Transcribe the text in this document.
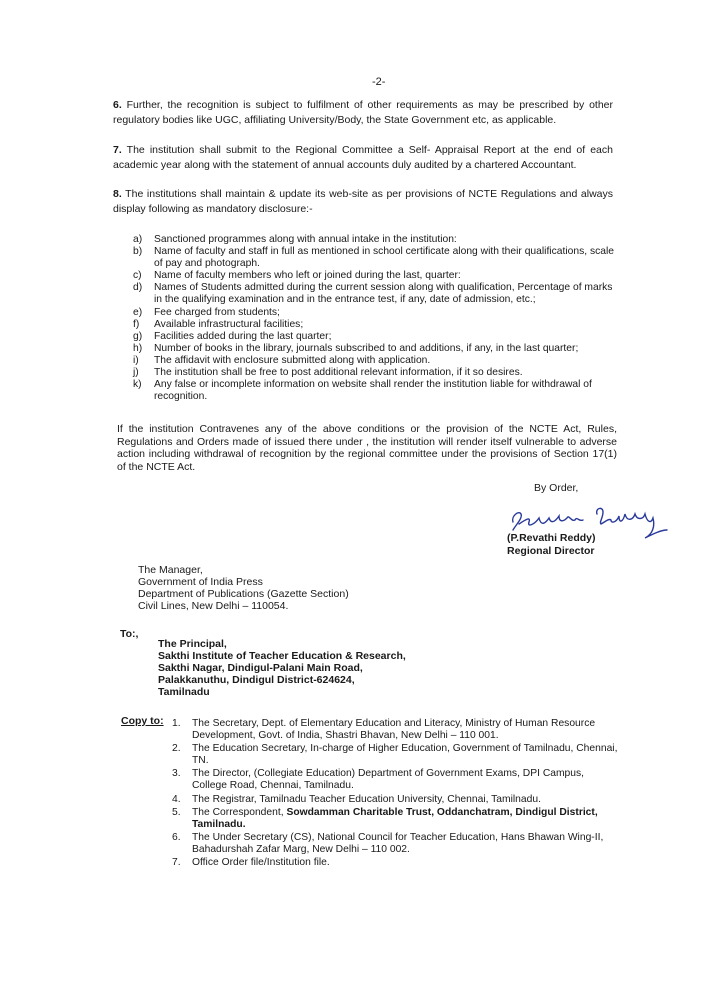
-2-
6. Further, the recognition is subject to fulfilment of other requirements as may be prescribed by other regulatory bodies like UGC, affiliating University/Body, the State Government etc, as applicable.
7. The institution shall submit to the Regional Committee a Self- Appraisal Report at the end of each academic year along with the statement of annual accounts duly audited by a chartered Accountant.
8. The institutions shall maintain & update its web-site as per provisions of NCTE Regulations and always display following as mandatory disclosure:-
a) Sanctioned programmes along with annual intake in the institution:
b) Name of faculty and staff in full as mentioned in school certificate along with their qualifications, scale of pay and photograph.
c) Name of faculty members who left or joined during the last, quarter:
d) Names of Students admitted during the current session along with qualification, Percentage of marks in the qualifying examination and in the entrance test, if any, date of admission, etc.;
e) Fee charged from students;
f) Available infrastructural facilities;
g) Facilities added during the last quarter;
h) Number of books in the library, journals subscribed to and additions, if any, in the last quarter;
i) The affidavit with enclosure submitted along with application.
j) The institution shall be free to post additional relevant information, if it so desires.
k) Any false or incomplete information on website shall render the institution liable for withdrawal of recognition.
If the institution Contravenes any of the above conditions or the provision of the NCTE Act, Rules, Regulations and Orders made of issued there under , the institution will render itself vulnerable to adverse action including withdrawal of recognition by the regional committee under the provisions of Section 17(1) of the NCTE Act.
By Order,
(P.Revathi Reddy)
Regional Director
The Manager,
Government of India Press
Department of Publications (Gazette Section)
Civil Lines, New Delhi – 110054.
To:,
The Principal,
Sakthi Institute of Teacher Education & Research,
Sakthi Nagar, Dindigul-Palani Main Road,
Palakkanuthu, Dindigul District-624624,
Tamilnadu
Copy to: 1. The Secretary, Dept. of Elementary Education and Literacy, Ministry of Human Resource Development, Govt. of India, Shastri Bhavan, New Delhi – 110 001.
2. The Education Secretary, In-charge of Higher Education, Government of Tamilnadu, Chennai, TN.
3. The Director, (Collegiate Education) Department of Government Exams, DPI Campus, College Road, Chennai, Tamilnadu.
4. The Registrar, Tamilnadu Teacher Education University, Chennai, Tamilnadu.
5. The Correspondent, Sowdamman Charitable Trust, Oddanchatram, Dindigul District, Tamilnadu.
6. The Under Secretary (CS), National Council for Teacher Education, Hans Bhawan Wing-II, Bahadurshah Zafar Marg, New Delhi – 110 002.
7. Office Order file/Institution file.
